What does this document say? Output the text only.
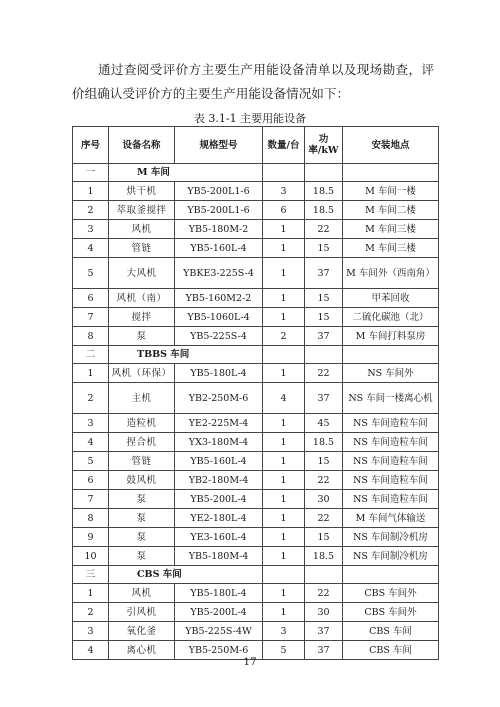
通过查阅受评价方主要生产用能设备清单以及现场勘查，评价组确认受评价方的主要生产用能设备情况如下：

表 3.1-1 主要用能设备
序号	设备名称	规格型号	数量/台	功 率/kW	安装地点
一	M 车间				
1	烘干机	YB5-200L1-6	3	18.5	M 车间一楼
2	萃取釜搅拌	YB5-200L1-6	6	18.5	M 车间二楼
3	风机	YB5-180M-2	1	22	M 车间三楼
4	管链	YB5-160L-4	1	15	M 车间三楼
5	大风机	YBKE3-225S-4	1	37	M 车间外（西南角）
6	风机（南）	YB5-160M2-2	1	15	甲苯回收
7	搅拌	YB5-1060L-4	1	15	二硫化碳池（北）
8	泵	YB5-225S-4	2	37	M 车间打料泵房
二	TBBS 车间				
1	风机（环保）	YB5-180L-4	1	22	NS 车间外
2	主机	YB2-250M-6	4	37	NS 车间一楼离心机
3	造粒机	YE2-225M-4	1	45	NS 车间造粒车间
4	捏合机	YX3-180M-4	1	18.5	NS 车间造粒车间
5	管链	YB5-160L-4	1	15	NS 车间造粒车间
6	鼓风机	YB2-180M-4	1	22	NS 车间造粒车间
7	泵	YB5-200L-4	1	30	NS 车间造粒车间
8	泵	YE2-180L-4	1	22	M 车间气体输送
9	泵	YE3-160L-4	1	15	NS 车间制冷机房
10	泵	YB5-180M-4	1	18.5	NS 车间制冷机房
三	CBS 车间				
1	风机	YB5-180L-4	1	22	CBS 车间外
2	引风机	YB5-200L-4	1	30	CBS 车间外
3	氧化釜	YB5-225S-4W	3	37	CBS 车间
4	离心机	YB5-250M-6	5	37	CBS 车间
17
